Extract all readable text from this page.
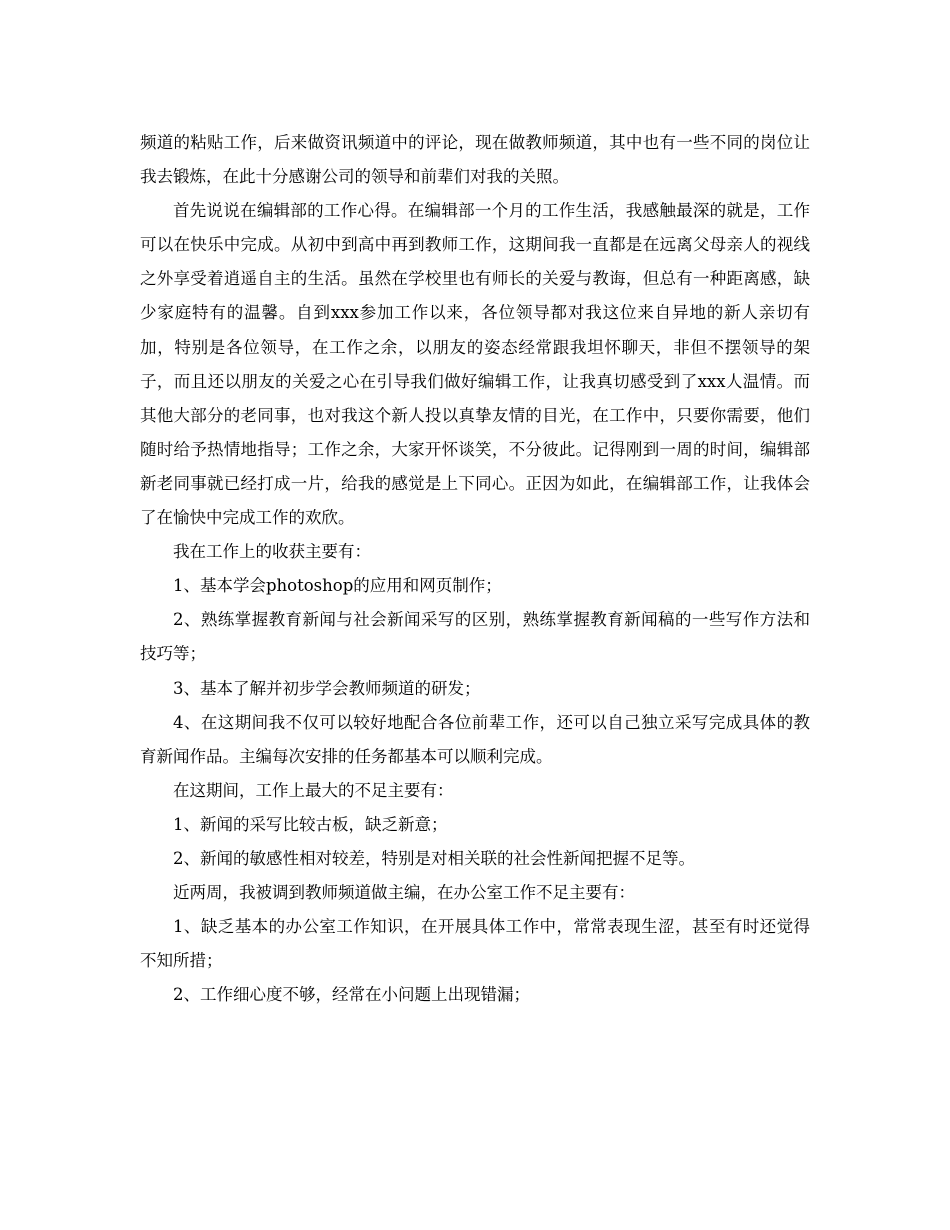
频道的粘贴工作，后来做资讯频道中的评论，现在做教师频道，其中也有一些不同的岗位让我去锻炼，在此十分感谢公司的领导和前辈们对我的关照。

首先说说在编辑部的工作心得。在编辑部一个月的工作生活，我感触最深的就是，工作可以在快乐中完成。从初中到高中再到教师工作，这期间我一直都是在远离父母亲人的视线之外享受着逍遥自主的生活。虽然在学校里也有师长的关爱与教诲，但总有一种距离感，缺少家庭特有的温馨。自到xxx参加工作以来，各位领导都对我这位来自异地的新人亲切有加，特别是各位领导，在工作之余，以朋友的姿态经常跟我坦怀聊天，非但不摆领导的架子，而且还以朋友的关爱之心在引导我们做好编辑工作，让我真切感受到了xxx人温情。而其他大部分的老同事，也对我这个新人投以真挚友情的目光，在工作中，只要你需要，他们随时给予热情地指导；工作之余，大家开怀谈笑，不分彼此。记得刚到一周的时间，编辑部新老同事就已经打成一片，给我的感觉是上下同心。正因为如此，在编辑部工作，让我体会了在愉快中完成工作的欢欣。

我在工作上的收获主要有：

1、基本学会photoshop的应用和网页制作；

2、熟练掌握教育新闻与社会新闻采写的区别，熟练掌握教育新闻稿的一些写作方法和技巧等；

3、基本了解并初步学会教师频道的研发；

4、在这期间我不仅可以较好地配合各位前辈工作，还可以自己独立采写完成具体的教育新闻作品。主编每次安排的任务都基本可以顺利完成。

在这期间，工作上最大的不足主要有：

1、新闻的采写比较古板，缺乏新意；

2、新闻的敏感性相对较差，特别是对相关联的社会性新闻把握不足等。

近两周，我被调到教师频道做主编，在办公室工作不足主要有：

1、缺乏基本的办公室工作知识，在开展具体工作中，常常表现生涩，甚至有时还觉得不知所措；

2、工作细心度不够，经常在小问题上出现错漏；
